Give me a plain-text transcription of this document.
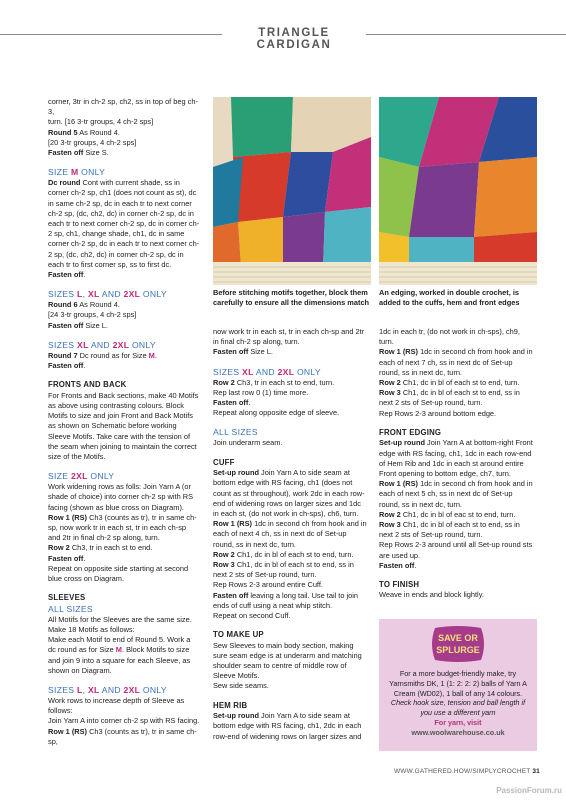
TRIANGLE CARDIGAN
corner, 3tr in ch-2 sp, ch2, ss in top of beg ch-3,
turn. [16 3-tr groups, 4 ch-2 sps]
Round 5 As Round 4.
[20 3-tr groups, 4 ch-2 sps]
Fasten off Size S.
SIZE M ONLY
Dc round Cont with current shade, ss in corner ch-2 sp, ch1 (does not count as st), dc in same ch-2 sp, dc in each tr to next corner ch-2 sp, (dc, ch2, dc) in corner ch-2 sp, dc in each tr to next corner ch-2 sp, dc in corner ch-2 sp, ch1, change shade, ch1, dc in same corner ch-2 sp, dc in each tr to next corner ch-2 sp, (dc, ch2, dc) in corner ch-2 sp, dc in each tr to first corner sp, ss to first dc.
Fasten off.
SIZES L, XL AND 2XL ONLY
Round 6 As Round 4.
[24 3-tr groups, 4 ch-2 sps]
Fasten off Size L.
SIZES XL AND 2XL ONLY
Round 7 Dc round as for Size M.
Fasten off.
FRONTS AND BACK
For Fronts and Back sections, make 40 Motifs as above using contrasting colours. Block Motifs to size and join Front and Back Motifs as shown on Schematic before working Sleeve Motifs. Take care with the tension of the seam when joining to maintain the correct size of the Motifs.
SIZE 2XL ONLY
Work widening rows as folls: Join Yarn A (or shade of choice) into corner ch-2 sp with RS facing (shown as blue cross on Diagram).
Row 1 (RS) Ch3 (counts as tr), tr in same ch-sp, now work tr in each st, tr in each ch-sp and 2tr in final ch-2 sp along, turn.
Row 2 Ch3, tr in each st to end.
Fasten off.
Repeat on opposite side starting at second blue cross on Diagram.
SLEEVES
ALL SIZES
All Motifs for the Sleeves are the same size. Make 18 Motifs as follows:
Make each Motif to end of Round 5. Work a dc round as for Size M. Block Motifs to size and join 9 into a square for each Sleeve, as shown on Diagram.
SIZES L, XL AND 2XL ONLY
Work rows to increase depth of Sleeve as follows:
Join Yarn A into corner ch-2 sp with RS facing.
Row 1 (RS) Ch3 (counts as tr), tr in same ch-sp,
Before stitching motifs together, block them carefully to ensure all the dimensions match
An edging, worked in double crochet, is added to the cuffs, hem and front edges
now work tr in each st, tr in each ch-sp and 2tr in final ch-2 sp along, turn.
Fasten off Size L.
SIZES XL AND 2XL ONLY
Row 2 Ch3, tr in each st to end, turn.
Rep last row 0 (1) time more.
Fasten off.
Repeat along opposite edge of sleeve.
ALL SIZES
Join underarm seam.
CUFF
Set-up round Join Yarn A to side seam at bottom edge with RS facing, ch1 (does not count as st throughout), work 2dc in each row-end of widening rows on larger sizes and 1dc in each st, (do not work in ch-sps), ch6, turn.
Row 1 (RS) 1dc in second ch from hook and in each of next 4 ch, ss in next dc of Set-up round, ss in next dc, turn.
Row 2 Ch1, dc in bl of each st to end, turn.
Row 3 Ch1, dc in bl of each st to end, ss in next 2 sts of Set-up round, turn.
Rep Rows 2-3 around entire Cuff.
Fasten off leaving a long tail. Use tail to join ends of cuff using a neat whip stitch.
Repeat on second Cuff.
TO MAKE UP
Sew Sleeves to main body section, making sure seam edge is at underarm and matching shoulder seam to centre of middle row of Sleeve Motifs.
Sew side seams.
HEM RIB
Set-up round Join Yarn A to side seam at bottom edge with RS facing, ch1, 2dc in each row-end of widening rows on larger sizes and
1dc in each tr, (do not work in ch-sps), ch9, turn.
Row 1 (RS) 1dc in second ch from hook and in each of next 7 ch, ss in next dc of Set-up round, ss in next dc, turn.
Row 2 Ch1, dc in bl of each st to end, turn.
Row 3 Ch1, dc in bl of each st to end, ss in next 2 sts of Set-up round, turn.
Rep Rows 2-3 around bottom edge.
FRONT EDGING
Set-up round Join Yarn A at bottom-right Front edge with RS facing, ch1, 1dc in each row-end of Hem Rib and 1dc in each st around entire Front opening to bottom edge, ch7, turn.
Row 1 (RS) 1dc in second ch from hook and in each of next 5 ch, ss in next dc of Set-up round, ss in next dc, turn.
Row 2 Ch1, dc in bl of eac st to end, turn.
Row 3 Ch1, dc in bl of each st to end, ss in next 2 sts of Set-up round, turn.
Rep Rows 2-3 around until all Set-up round sts are used up.
Fasten off.
TO FINISH
Weave in ends and block lightly.
SAVE OR
SPLURGE
For a more budget-friendly make, try Yarnsmiths DK, 1 (1: 2: 2: 2) balls of Yarn A Cream (WD02), 1 ball of any 14 colours.
Check hook size, tension and ball length if you use a different yarn
For yarn, visit
www.woolwarehouse.co.uk
WWW.GATHERED.HOW/SIMPLYCROCHET 31
PassionForum.ru
